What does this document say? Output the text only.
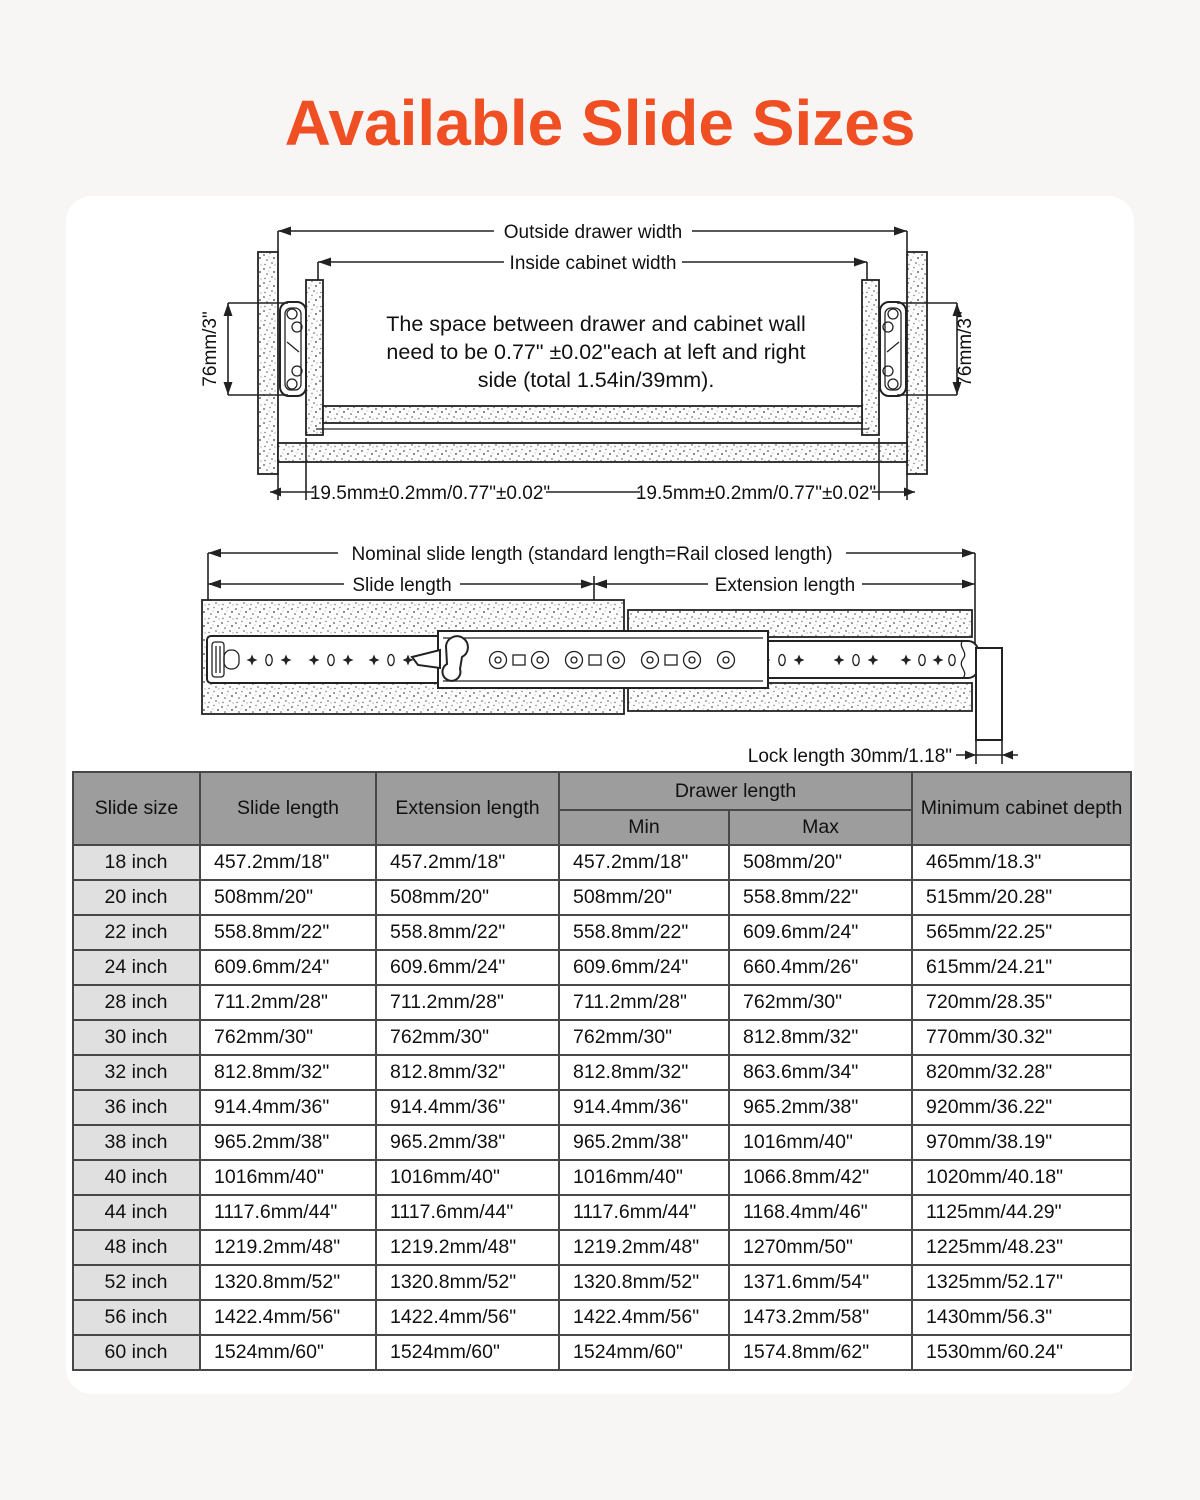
Available Slide Sizes
Outside drawer width
Inside cabinet width
The space between drawer and cabinet wall
need to be 0.77" ±0.02"each at left and right
side (total 1.54in/39mm).
76mm/3"	76mm/3"
19.5mm±0.2mm/0.77"±0.02"	19.5mm±0.2mm/0.77"±0.02"
Nominal slide length (standard length=Rail closed length)
Slide length	Extension length
Lock length 30mm/1.18"
Slide size	Slide length	Extension length	Drawer length		Minimum cabinet depth
			Min	Max	
18 inch	457.2mm/18"	457.2mm/18"	457.2mm/18"	508mm/20"	465mm/18.3"
20 inch	508mm/20"	508mm/20"	508mm/20"	558.8mm/22"	515mm/20.28"
22 inch	558.8mm/22"	558.8mm/22"	558.8mm/22"	609.6mm/24"	565mm/22.25"
24 inch	609.6mm/24"	609.6mm/24"	609.6mm/24"	660.4mm/26"	615mm/24.21"
28 inch	711.2mm/28"	711.2mm/28"	711.2mm/28"	762mm/30"	720mm/28.35"
30 inch	762mm/30"	762mm/30"	762mm/30"	812.8mm/32"	770mm/30.32"
32 inch	812.8mm/32"	812.8mm/32"	812.8mm/32"	863.6mm/34"	820mm/32.28"
36 inch	914.4mm/36"	914.4mm/36"	914.4mm/36"	965.2mm/38"	920mm/36.22"
38 inch	965.2mm/38"	965.2mm/38"	965.2mm/38"	1016mm/40"	970mm/38.19"
40 inch	1016mm/40"	1016mm/40"	1016mm/40"	1066.8mm/42"	1020mm/40.18"
44 inch	1117.6mm/44"	1117.6mm/44"	1117.6mm/44"	1168.4mm/46"	1125mm/44.29"
48 inch	1219.2mm/48"	1219.2mm/48"	1219.2mm/48"	1270mm/50"	1225mm/48.23"
52 inch	1320.8mm/52"	1320.8mm/52"	1320.8mm/52"	1371.6mm/54"	1325mm/52.17"
56 inch	1422.4mm/56"	1422.4mm/56"	1422.4mm/56"	1473.2mm/58"	1430mm/56.3"
60 inch	1524mm/60"	1524mm/60"	1524mm/60"	1574.8mm/62"	1530mm/60.24"
